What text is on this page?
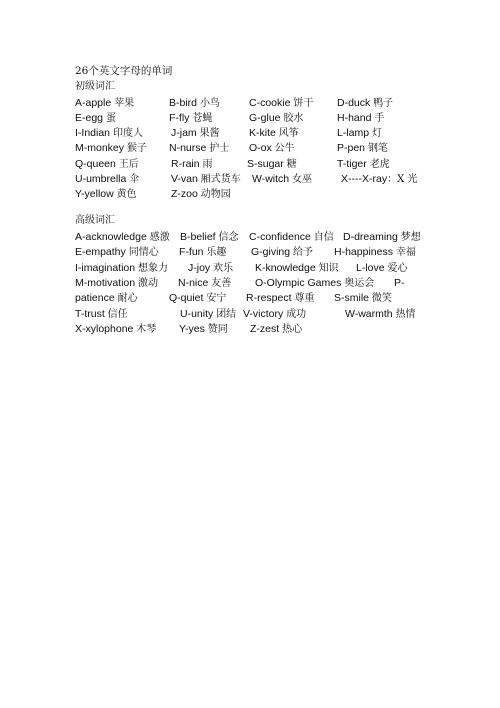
26个英文字母的单词
初级词汇
A-apple 苹果	B-bird 小鸟	C-cookie 饼干 D-duck 鸭子
E-egg 蛋	F-fly 苍蝇	G-glue 胶水	H-hand 手
I-Indian 印度人	J-jam 果酱	K-kite 风筝	L-lamp 灯
M-monkey 猴子 N-nurse 护士 O-ox 公牛	P-pen 钢笔
Q-queen 王后	R-rain 雨	S-sugar 糖	T-tiger 老虎
U-umbrella 伞	V-van 厢式货车 W-witch 女巫	X----X-ray：X 光
Y-yellow 黄色	Z-zoo 动物园
高级词汇
A-acknowledge 感激 B-belief 信念 C-confidence 自信 D-dreaming 梦想
E-empathy 同情心 F-fun 乐趣 G-giving 给予 H-happiness 幸福
I-imagination 想象力 J-joy 欢乐 K-knowledge 知识 L-love 爱心
M-motivation 激动 N-nice 友善 O-Olympic Games 奥运会 P-
patience 耐心	Q-quiet 安宁 R-respect 尊重 S-smile 微笑
T-trust 信任	U-unity 团结 V-victory 成功	W-warmth 热情
X-xylophone 木琴 Y-yes 赞同 Z-zest 热心
